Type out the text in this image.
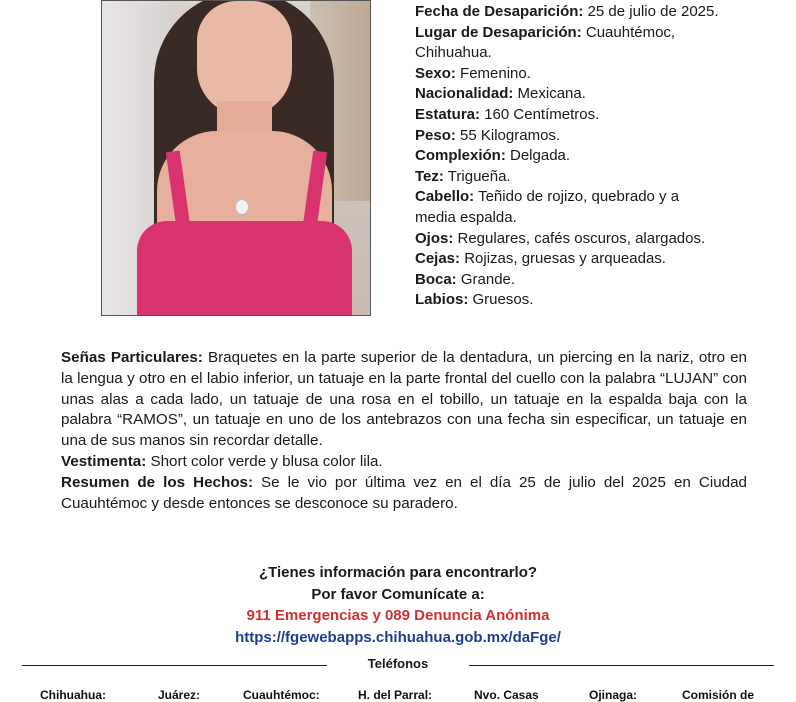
Fecha de Desaparición: 25 de julio de 2025.
Lugar de Desaparición: Cuauhtémoc,
Chihuahua.
Sexo: Femenino.
Nacionalidad: Mexicana.
Estatura: 160 Centímetros.
Peso: 55 Kilogramos.
Complexión: Delgada.
Tez: Trigueña.
Cabello: Teñido de rojizo, quebrado y a
media espalda.
Ojos: Regulares, cafés oscuros, alargados.
Cejas: Rojizas, gruesas y arqueadas.
Boca: Grande.
Labios: Gruesos.

Señas Particulares: Braquetes en la parte superior de la dentadura, un piercing en la nariz, otro en la lengua y otro en el labio inferior, un tatuaje en la parte frontal del cuello con la palabra “LUJAN” con unas alas a cada lado, un tatuaje de una rosa en el tobillo, un tatuaje en la espalda baja con la palabra “RAMOS”, un tatuaje en uno de los antebrazos con una fecha sin especificar, un tatuaje en una de sus manos sin recordar detalle.

Vestimenta: Short color verde y blusa color lila.

Resumen de los Hechos: Se le vio por última vez en el día 25 de julio del 2025 en Ciudad Cuauhtémoc y desde entonces se desconoce su paradero.

¿Tienes información para encontrarlo?
Por favor Comunícate a:
911 Emergencias y 089 Denuncia Anónima
https://fgewebapps.chihuahua.gob.mx/daFge/
Teléfonos
Chihuahua:	Juárez:	Cuauhtémoc:	H. del Parral:	Nvo. Casas	Ojinaga:	Comisión de
